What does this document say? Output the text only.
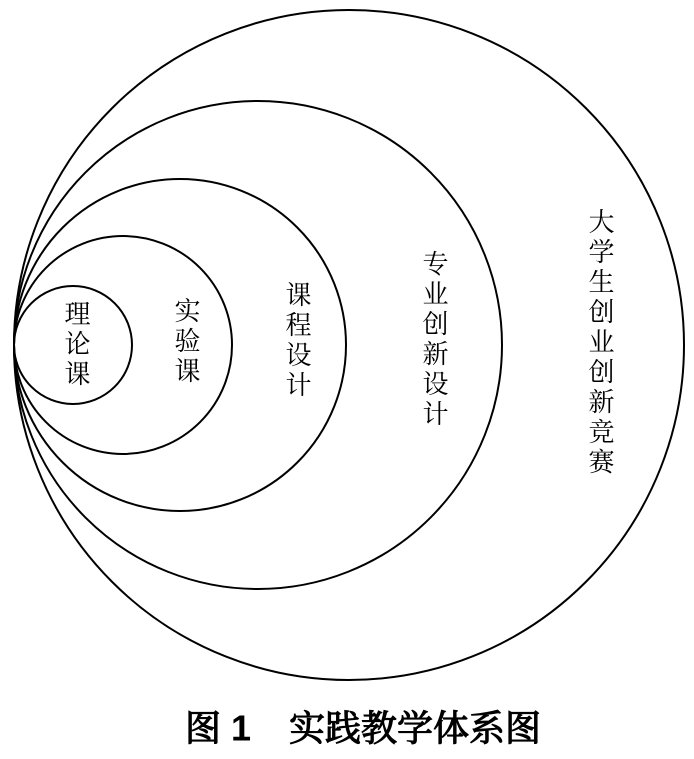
理论课	实验课	课程设计	专业创新设计	大学生创业创新竞赛
图 1 实践教学体系图
